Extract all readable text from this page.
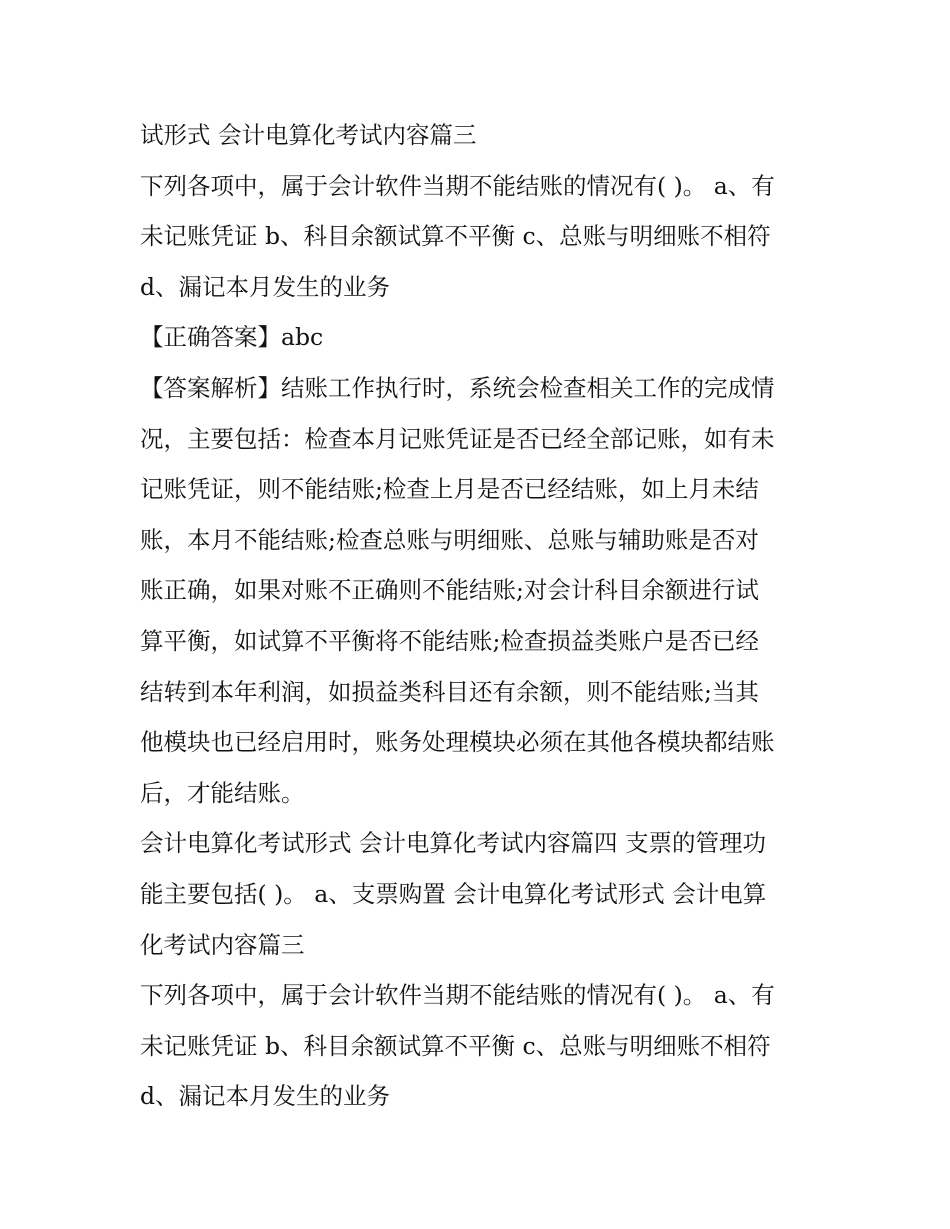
试形式 会计电算化考试内容篇三
下列各项中，属于会计软件当期不能结账的情况有( )。 a、有
未记账凭证 b、科目余额试算不平衡 c、总账与明细账不相符
d、漏记本月发生的业务
【正确答案】abc
【答案解析】结账工作执行时，系统会检查相关工作的完成情
况，主要包括：检查本月记账凭证是否已经全部记账，如有未
记账凭证，则不能结账;检查上月是否已经结账，如上月未结
账，本月不能结账;检查总账与明细账、总账与辅助账是否对
账正确，如果对账不正确则不能结账;对会计科目余额进行试
算平衡，如试算不平衡将不能结账;检查损益类账户是否已经
结转到本年利润，如损益类科目还有余额，则不能结账;当其
他模块也已经启用时，账务处理模块必须在其他各模块都结账
后，才能结账。
会计电算化考试形式 会计电算化考试内容篇四 支票的管理功
能主要包括( )。 a、支票购置 会计电算化考试形式 会计电算
化考试内容篇三
下列各项中，属于会计软件当期不能结账的情况有( )。 a、有
未记账凭证 b、科目余额试算不平衡 c、总账与明细账不相符
d、漏记本月发生的业务
